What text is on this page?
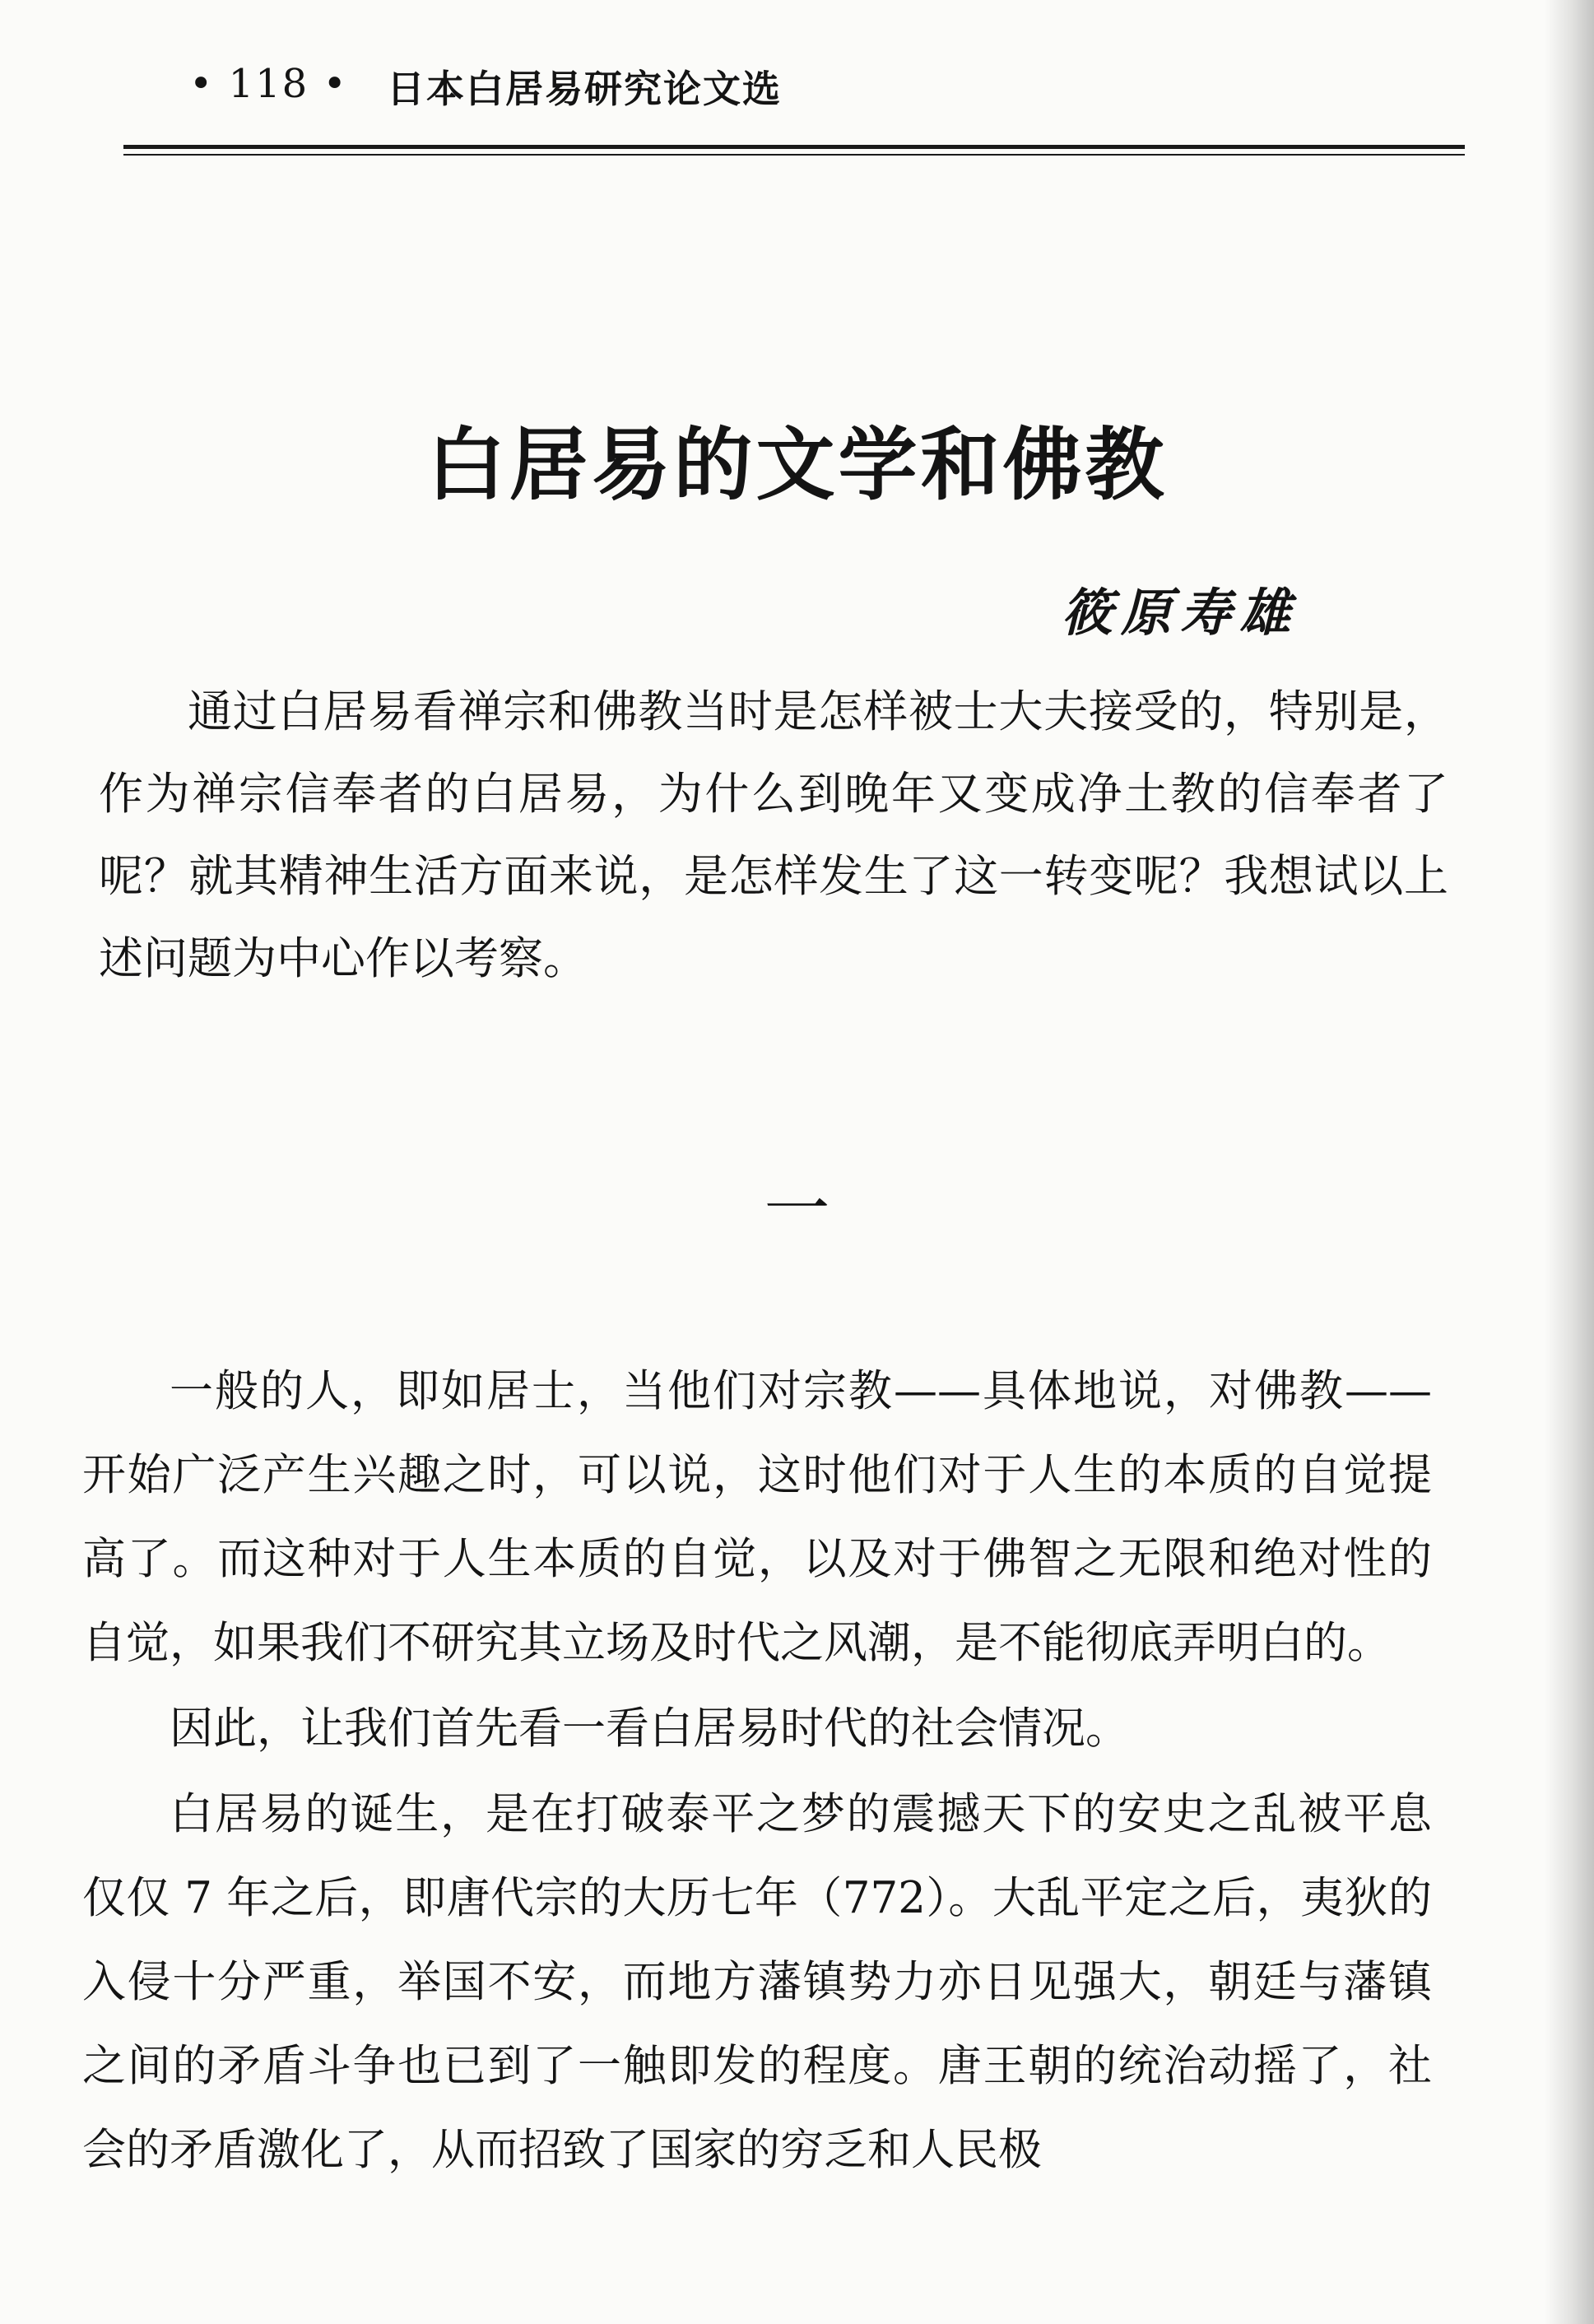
• 118 • 日本白居易研究论文选
白居易的文学和佛教
筱原寿雄

通过白居易看禅宗和佛教当时是怎样被士大夫接受的，特别是，作为禅宗信奉者的白居易，为什么到晚年又变成净土教的信奉者了呢？就其精神生活方面来说，是怎样发生了这一转变呢？我想试以上述问题为中心作以考察。

一

一般的人，即如居士，当他们对宗教——具体地说，对佛教——开始广泛产生兴趣之时，可以说，这时他们对于人生的本质的自觉提高了。而这种对于人生本质的自觉，以及对于佛智之无限和绝对性的自觉，如果我们不研究其立场及时代之风潮，是不能彻底弄明白的。

因此，让我们首先看一看白居易时代的社会情况。

白居易的诞生，是在打破泰平之梦的震撼天下的安史之乱被平息仅仅 7 年之后，即唐代宗的大历七年（772）。大乱平定之后，夷狄的入侵十分严重，举国不安，而地方藩镇势力亦日见强大，朝廷与藩镇之间的矛盾斗争也已到了一触即发的程度。唐王朝的统治动摇了，社会的矛盾激化了，从而招致了国家的穷乏和人民极
